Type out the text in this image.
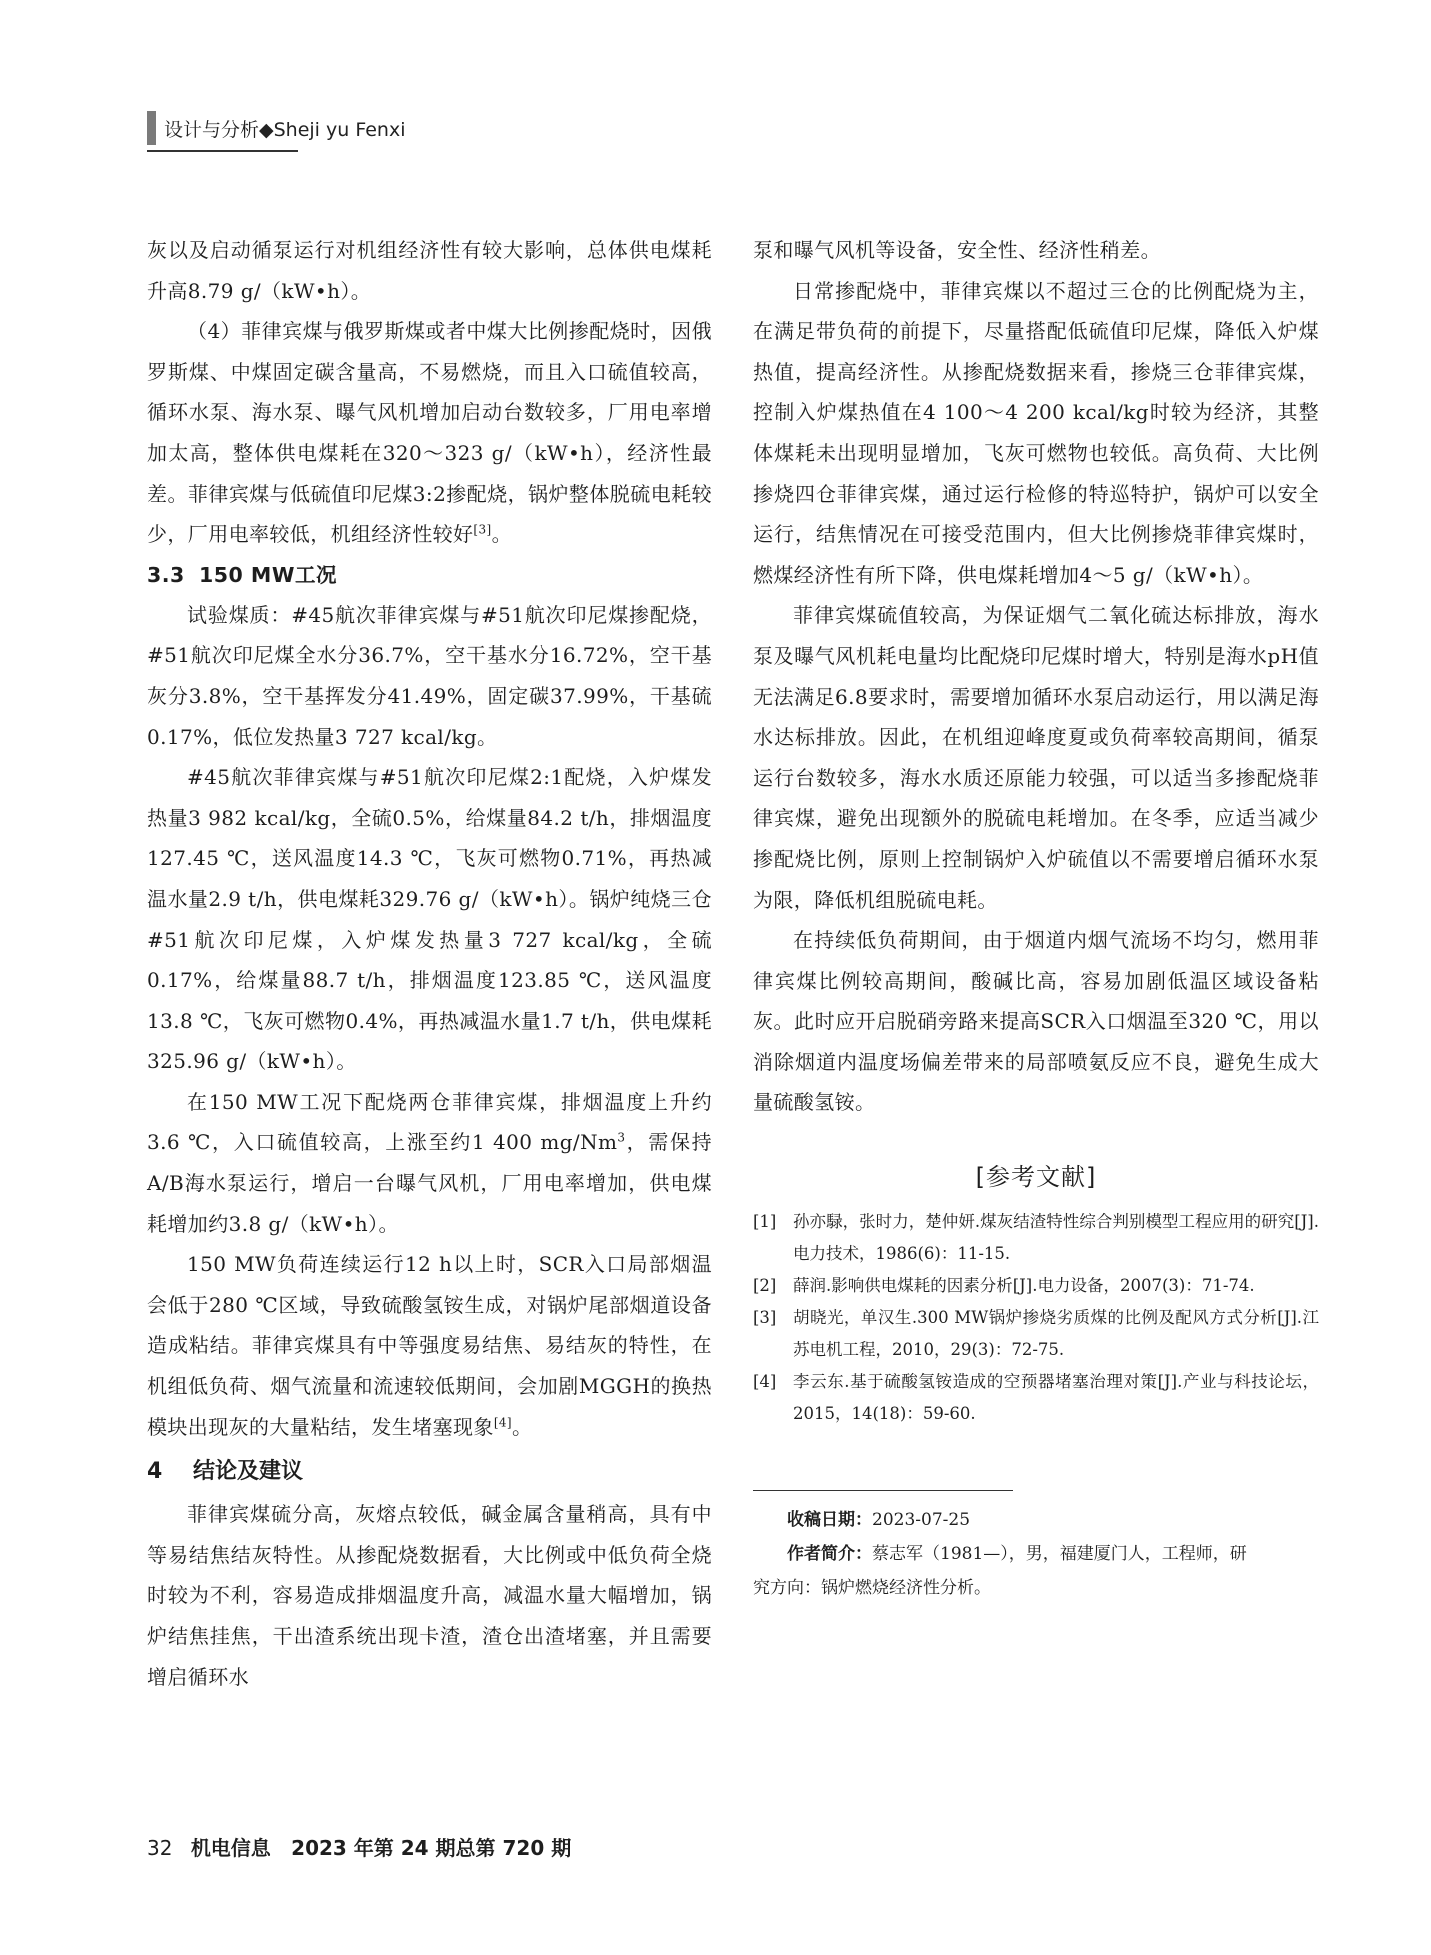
设计与分析◆Sheji yu Fenxi

灰以及启动循泵运行对机组经济性有较大影响，总体供电煤耗升高8.79 g/（kW•h）。

（4）菲律宾煤与俄罗斯煤或者中煤大比例掺配烧时，因俄罗斯煤、中煤固定碳含量高，不易燃烧，而且入口硫值较高，循环水泵、海水泵、曝气风机增加启动台数较多，厂用电率增加太高，整体供电煤耗在320～323 g/（kW•h），经济性最差。菲律宾煤与低硫值印尼煤3:2掺配烧，锅炉整体脱硫电耗较少，厂用电率较低，机组经济性较好[3]。

3.3 150 MW工况

试验煤质：#45航次菲律宾煤与#51航次印尼煤掺配烧，#51航次印尼煤全水分36.7%，空干基水分16.72%，空干基灰分3.8%，空干基挥发分41.49%，固定碳37.99%，干基硫0.17%，低位发热量3 727 kcal/kg。

#45航次菲律宾煤与#51航次印尼煤2:1配烧，入炉煤发热量3 982 kcal/kg，全硫0.5%，给煤量84.2 t/h，排烟温度127.45 ℃，送风温度14.3 ℃，飞灰可燃物0.71%，再热减温水量2.9 t/h，供电煤耗329.76 g/（kW•h）。锅炉纯烧三仓#51航次印尼煤，入炉煤发热量3 727 kcal/kg，全硫0.17%，给煤量88.7 t/h，排烟温度123.85 ℃，送风温度13.8 ℃，飞灰可燃物0.4%，再热减温水量1.7 t/h，供电煤耗325.96 g/（kW•h）。

在150 MW工况下配烧两仓菲律宾煤，排烟温度上升约3.6 ℃，入口硫值较高，上涨至约1 400 mg/Nm$^3$，需保持A/B海水泵运行，增启一台曝气风机，厂用电率增加，供电煤耗增加约3.8 g/（kW•h）。

150 MW负荷连续运行12 h以上时，SCR入口局部烟温会低于280 ℃区域，导致硫酸氢铵生成，对锅炉尾部烟道设备造成粘结。菲律宾煤具有中等强度易结焦、易结灰的特性，在机组低负荷、烟气流量和流速较低期间，会加剧MGGH的换热模块出现灰的大量粘结，发生堵塞现象[4]。

4 结论及建议

菲律宾煤硫分高，灰熔点较低，碱金属含量稍高，具有中等易结焦结灰特性。从掺配烧数据看，大比例或中低负荷全烧时较为不利，容易造成排烟温度升高，减温水量大幅增加，锅炉结焦挂焦，干出渣系统出现卡渣，渣仓出渣堵塞，并且需要增启循环水

泵和曝气风机等设备，安全性、经济性稍差。

日常掺配烧中，菲律宾煤以不超过三仓的比例配烧为主，在满足带负荷的前提下，尽量搭配低硫值印尼煤，降低入炉煤热值，提高经济性。从掺配烧数据来看，掺烧三仓菲律宾煤，控制入炉煤热值在4 100～4 200 kcal/kg时较为经济，其整体煤耗未出现明显增加，飞灰可燃物也较低。高负荷、大比例掺烧四仓菲律宾煤，通过运行检修的特巡特护，锅炉可以安全运行，结焦情况在可接受范围内，但大比例掺烧菲律宾煤时，燃煤经济性有所下降，供电煤耗增加4～5 g/（kW•h）。

菲律宾煤硫值较高，为保证烟气二氧化硫达标排放，海水泵及曝气风机耗电量均比配烧印尼煤时增大，特别是海水pH值无法满足6.8要求时，需要增加循环水泵启动运行，用以满足海水达标排放。因此，在机组迎峰度夏或负荷率较高期间，循泵运行台数较多，海水水质还原能力较强，可以适当多掺配烧菲律宾煤，避免出现额外的脱硫电耗增加。在冬季，应适当减少掺配烧比例，原则上控制锅炉入炉硫值以不需要增启循环水泵为限，降低机组脱硫电耗。

在持续低负荷期间，由于烟道内烟气流场不均匀，燃用菲律宾煤比例较高期间，酸碱比高，容易加剧低温区域设备粘灰。此时应开启脱硝旁路来提高SCR入口烟温至320 ℃，用以消除烟道内温度场偏差带来的局部喷氨反应不良，避免生成大量硫酸氢铵。

[参考文献]
[1]	孙亦騄，张时力，楚仲妍.煤灰结渣特性综合判别模型工程应用的研究[J].电力技术，1986(6)：11-15.
[2]	薛润.影响供电煤耗的因素分析[J].电力设备，2007(3)：71-74.
[3]	胡晓光，单汉生.300 MW锅炉掺烧劣质煤的比例及配风方式分析[J].江苏电机工程，2010，29(3)：72-75.
[4]	李云东.基于硫酸氢铵造成的空预器堵塞治理对策[J].产业与科技论坛，2015，14(18)：59-60.

收稿日期：2023-07-25

作者简介：蔡志军（1981—），男，福建厦门人，工程师，研

究方向：锅炉燃烧经济性分析。

32 机电信息 2023 年第 24 期总第 720 期
